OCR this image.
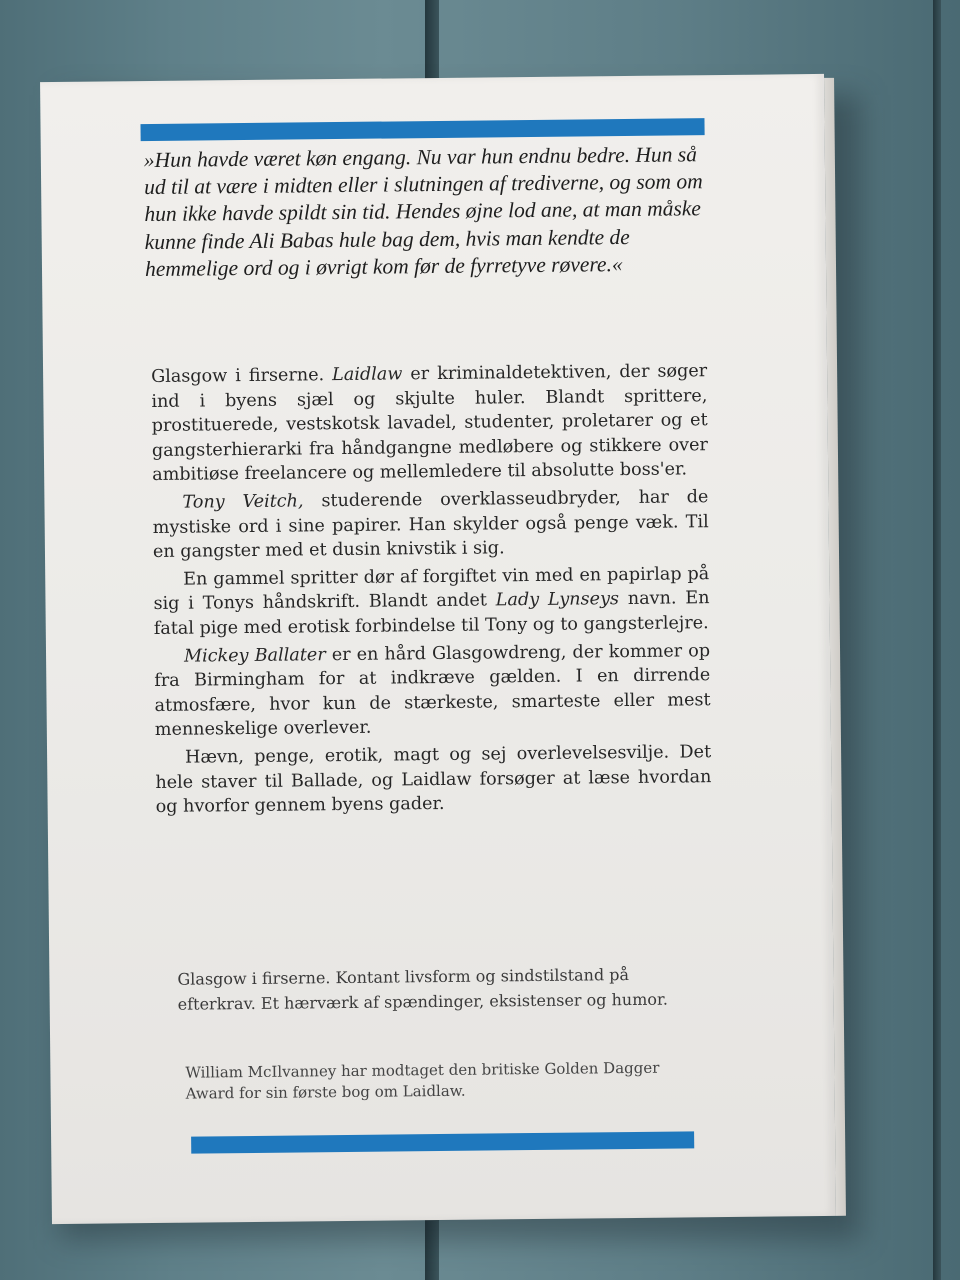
»Hun havde været køn engang. Nu var hun endnu bedre. Hun så ud til at være i midten eller i slutningen af trediverne, og som om hun ikke havde spildt sin tid. Hendes øjne lod ane, at man måske kunne finde Ali Babas hule bag dem, hvis man kendte de hemmelige ord og i øvrigt kom før de fyrretyve røvere.«

Glasgow i firserne. Laidlaw er kriminaldetektiven, der søger ind i byens sjæl og skjulte huler. Blandt sprittere, prostituerede, vestskotsk lavadel, studenter, proletarer og et gangsterhierarki fra håndgangne medløbere og stikkere over ambitiøse freelancere og mellemledere til absolutte boss'er.

Tony Veitch, studerende overklasseudbryder, har de mystiske ord i sine papirer. Han skylder også penge væk. Til en gangster med et dusin knivstik i sig.

En gammel spritter dør af forgiftet vin med en papirlap på sig i Tonys håndskrift. Blandt andet Lady Lynseys navn. En fatal pige med erotisk forbindelse til Tony og to gangsterlejre.

Mickey Ballater er en hård Glasgowdreng, der kommer op fra Birmingham for at indkræve gælden. I en dirrende atmosfære, hvor kun de stærkeste, smarteste eller mest menneskelige overlever.

Hævn, penge, erotik, magt og sej overlevelsesvilje. Det hele staver til Ballade, og Laidlaw forsøger at læse hvordan og hvorfor gennem byens gader.

Glasgow i firserne. Kontant livsform og sindstilstand på efterkrav. Et hærværk af spændinger, eksistenser og humor.

William McIlvanney har modtaget den britiske Golden Dagger Award for sin første bog om Laidlaw.
